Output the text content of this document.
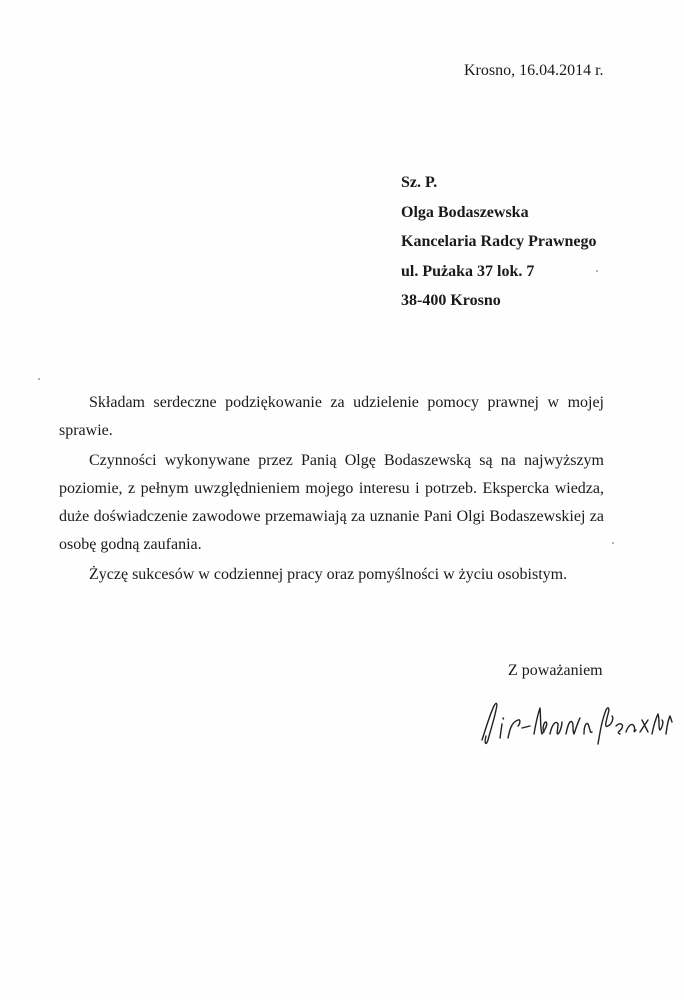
Krosno, 16.04.2014 r.
Sz. P.
Olga Bodaszewska
Kancelaria Radcy Prawnego
ul. Pużaka 37 lok. 7
38-400 Krosno

Składam serdeczne podziękowanie za udzielenie pomocy prawnej w mojej sprawie.

Czynności wykonywane przez Panią Olgę Bodaszewską są na najwyższym poziomie, z pełnym uwzględnieniem mojego interesu i potrzeb. Ekspercka wiedza, duże doświadczenie zawodowe przemawiają za uznanie Pani Olgi Bodaszewskiej za osobę godną zaufania.

Życzę sukcesów w codziennej pracy oraz pomyślności w życiu osobistym.

Z poważaniem
